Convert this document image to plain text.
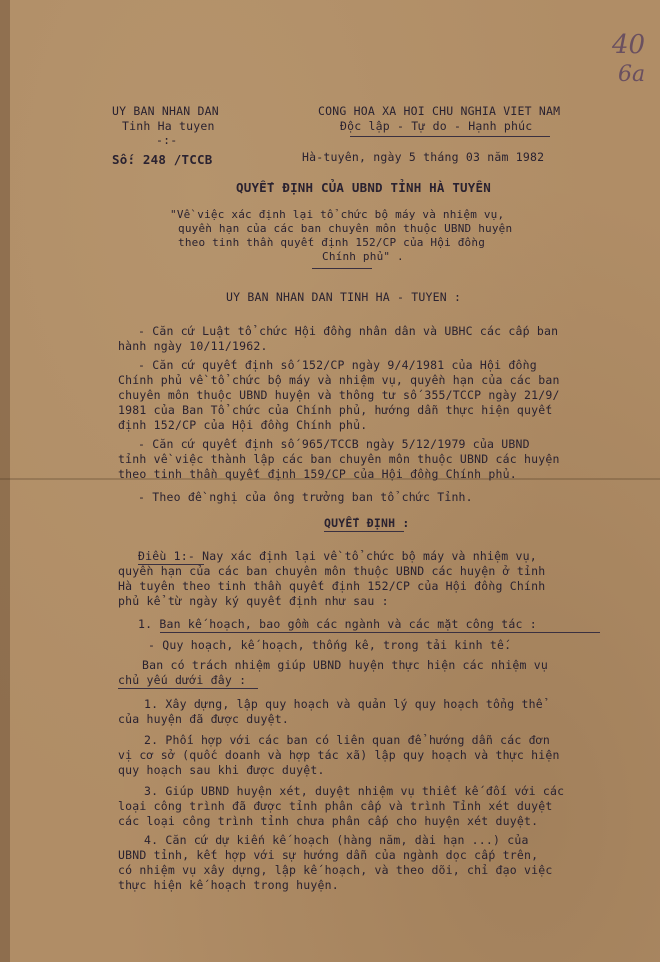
40
6a
UY BAN NHAN DAN
Tinh Ha tuyen
-:-
Số: 248 /TCCB
CONG HOA XA HOI CHU NGHIA VIET NAM
Độc lập - Tự do - Hạnh phúc
Hà-tuyên, ngày 5 tháng 03 năm 1982
QUYẾT ĐỊNH CỦA UBND TỈNH HÀ TUYÊN
"Về việc xác định lại tổ chức bộ máy và nhiệm vụ,
quyền hạn của các ban chuyên môn thuộc UBND huyện
theo tinh thần quyết định 152/CP của Hội đồng
Chính phủ" .
UY BAN NHAN DAN TINH HA - TUYEN :
- Căn cứ Luật tổ chức Hội đồng nhân dân và UBHC các cấp ban
hành ngày 10/11/1962.
- Căn cứ quyết định số 152/CP ngày 9/4/1981 của Hội đồng
Chính phủ về tổ chức bộ máy và nhiệm vụ, quyền hạn của các ban
chuyên môn thuộc UBND huyện và thông tư số 355/TCCP ngày 21/9/
1981 của Ban Tổ chức của Chính phủ, hướng dẫn thực hiện quyết
định 152/CP của Hội đồng Chính phủ.
- Căn cứ quyết định số 965/TCCB ngày 5/12/1979 của UBND
tỉnh về việc thành lập các ban chuyên môn thuộc UBND các huyện
theo tinh thần quyết định 159/CP của Hội đồng Chính phủ.
- Theo đề nghị của ông trưởng ban tổ chức Tỉnh.
QUYẾT ĐỊNH :
Điều 1:- Nay xác định lại về tổ chức bộ máy và nhiệm vụ,
quyền hạn của các ban chuyên môn thuộc UBND các huyện ở tỉnh
Hà tuyên theo tinh thần quyết định 152/CP của Hội đồng Chính
phủ kể từ ngày ký quyết định như sau :
1. Ban kế hoạch, bao gồm các ngành và các mặt công tác :
- Quy hoạch, kế hoạch, thống kê, trong tải kinh tế.
Ban có trách nhiệm giúp UBND huyện thực hiện các nhiệm vụ
chủ yếu dưới đây :
1. Xây dựng, lập quy hoạch và quản lý quy hoạch tổng thể
của huyện đã được duyệt.
2. Phối hợp với các ban có liên quan để hướng dẫn các đơn
vị cơ sở (quốc doanh và hợp tác xã) lập quy hoạch và thực hiện
quy hoạch sau khi được duyệt.
3. Giúp UBND huyện xét, duyệt nhiệm vụ thiết kế đối với các
loại công trình đã được tỉnh phân cấp và trình Tỉnh xét duyệt
các loại công trình tỉnh chưa phân cấp cho huyện xét duyệt.
4. Căn cứ dự kiến kế hoạch (hàng năm, dài hạn ...) của
UBND tỉnh, kết hợp với sự hướng dẫn của ngành dọc cấp trên,
có nhiệm vụ xây dựng, lập kế hoạch, và theo dõi, chỉ đạo việc
thực hiện kế hoạch trong huyện.
